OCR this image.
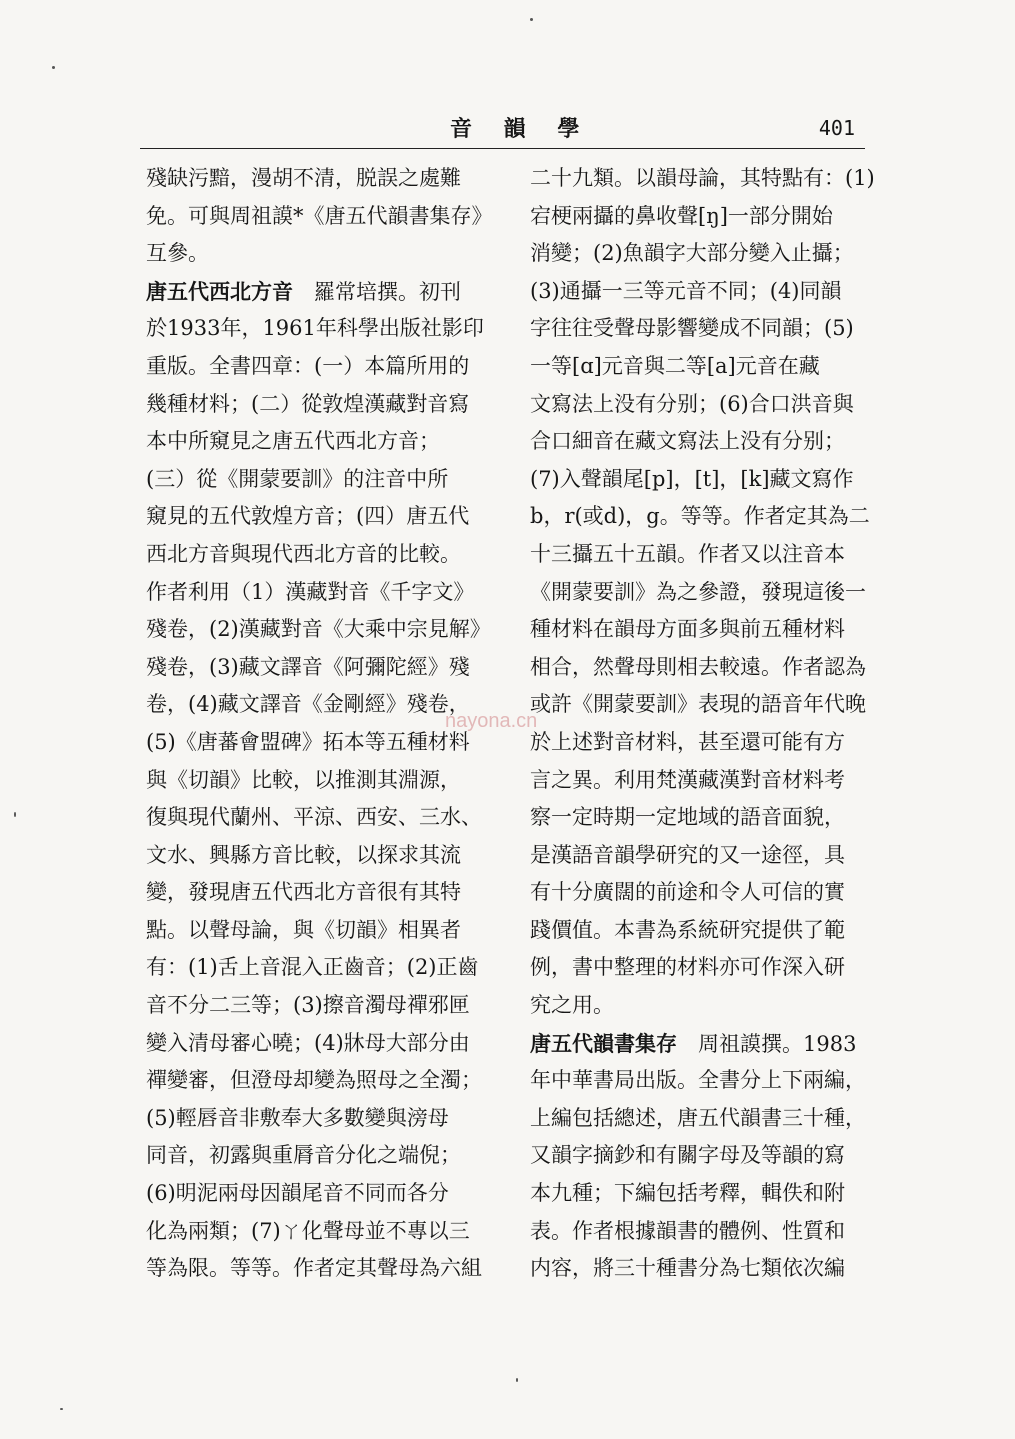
音 韻 學	401
殘缺污黯，漫胡不清，脱誤之處難
免。可與周祖謨*《唐五代韻書集存》
互參。
唐五代西北方音　羅常培撰。初刊
於1933年，1961年科學出版社影印
重版。全書四章：(一）本篇所用的
幾種材料；(二）從敦煌漢藏對音寫
本中所窺見之唐五代西北方音；
(三）從《開蒙要訓》的注音中所
窺見的五代敦煌方音；(四）唐五代
西北方音與現代西北方音的比較。
作者利用（1）漢藏對音《千字文》
殘卷，(2)漢藏對音《大乘中宗見解》
殘卷，(3)藏文譯音《阿彌陀經》殘
卷，(4)藏文譯音《金剛經》殘卷，
(5)《唐蕃會盟碑》拓本等五種材料
與《切韻》比較，以推測其淵源，
復與現代蘭州、平涼、西安、三水、
文水、興縣方音比較，以探求其流
變，發現唐五代西北方音很有其特
點。以聲母論，與《切韻》相異者
有：(1)舌上音混入正齒音；(2)正齒
音不分二三等；(3)擦音濁母禪邪匣
變入清母審心曉；(4)牀母大部分由
禪變審，但澄母却變為照母之全濁；
(5)輕唇音非敷奉大多數變與滂母
同音，初露與重脣音分化之端倪；
(6)明泥兩母因韻尾音不同而各分
化為兩類；(7)ㄚ化聲母並不專以三
等為限。等等。作者定其聲母為六組
二十九類。以韻母論，其特點有：(1)
宕梗兩攝的鼻收聲[ŋ]一部分開始
消變；(2)魚韻字大部分變入止攝；
(3)通攝一三等元音不同；(4)同韻
字往往受聲母影響變成不同韻；(5)
一等[ɑ]元音與二等[a]元音在藏
文寫法上没有分别；(6)合口洪音與
合口細音在藏文寫法上没有分别；
(7)入聲韻尾[p]，[t]，[k]藏文寫作
b，r(或d)，g。等等。作者定其為二
十三攝五十五韻。作者又以注音本
《開蒙要訓》為之參證，發現這後一
種材料在韻母方面多與前五種材料
相合，然聲母則相去較遠。作者認為
或許《開蒙要訓》表現的語音年代晚
於上述對音材料，甚至還可能有方
言之異。利用梵漢藏漢對音材料考
察一定時期一定地域的語音面貌，
是漢語音韻學研究的又一途徑，具
有十分廣闊的前途和令人可信的實
踐價值。本書為系統研究提供了範
例，書中整理的材料亦可作深入研
究之用。
唐五代韻書集存　周祖謨撰。1983
年中華書局出版。全書分上下兩編，
上編包括總述，唐五代韻書三十種，
又韻字摘鈔和有關字母及等韻的寫
本九種；下編包括考釋，輯佚和附
表。作者根據韻書的體例、性質和
内容，將三十種書分為七類依次編
nayona.cn
